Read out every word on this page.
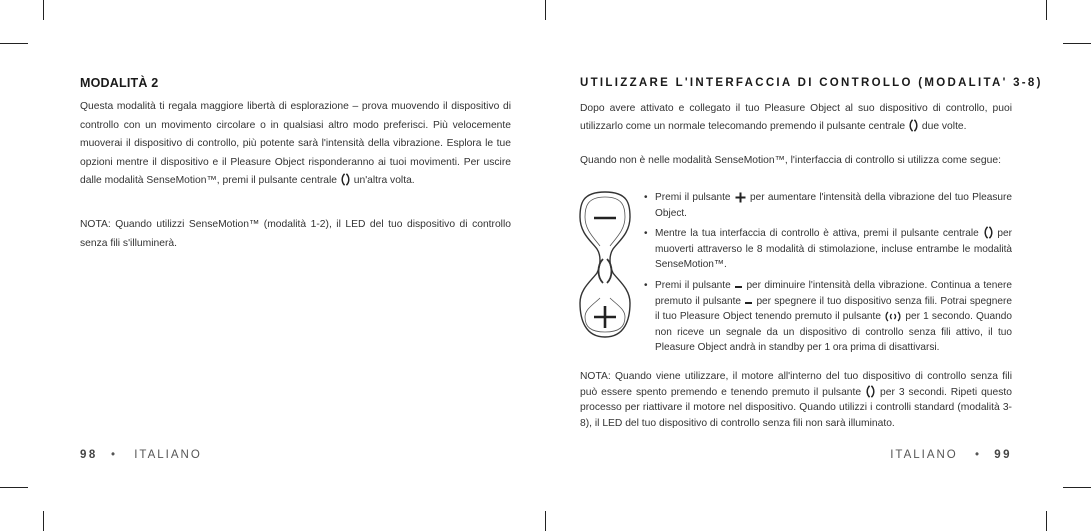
MODALITÀ 2

Questa modalità ti regala maggiore libertà di esplorazione – prova muovendo il dispositivo di controllo con un movimento circolare o in qualsiasi altro modo preferisci. Più velocemente muoverai il dispositivo di controllo, più potente sarà l'intensità della vibrazione. Esplora le tue opzioni mentre il dispositivo e il Pleasure Object risponderanno ai tuoi movimenti. Per uscire dalle modalità SenseMotion™, premi il pulsante centrale un'altra volta.

NOTA: Quando utilizzi SenseMotion™ (modalità 1-2), il LED del tuo dispositivo di controllo senza fili s'illuminerà.

98 • ITALIANO
UTILIZZARE L'INTERFACCIA DI CONTROLLO (MODALITA' 3-8)

Dopo avere attivato e collegato il tuo Pleasure Object al suo dispositivo di controllo, puoi utilizzarlo come un normale telecomando premendo il pulsante centrale due volte.

Quando non è nelle modalità SenseMotion™, l'interfaccia di controllo si utilizza come segue:

• Premi il pulsante per aumentare l'intensità della vibrazione del tuo Pleasure Object.
• Mentre la tua interfaccia di controllo è attiva, premi il pulsante centrale per muoverti attraverso le 8 modalità di stimolazione, incluse entrambe le modalità SenseMotion™.
• Premi il pulsante per diminuire l'intensità della vibrazione. Continua a tenere premuto il pulsante per spegnere il tuo dispositivo senza fili. Potrai spegnere il tuo Pleasure Object tenendo premuto il pulsante per 1 secondo. Quando non riceve un segnale da un dispositivo di controllo senza fili attivo, il tuo Pleasure Object andrà in standby per 1 ora prima di disattivarsi.

NOTA: Quando viene utilizzare, il motore all'interno del tuo dispositivo di controllo senza fili può essere spento premendo e tenendo premuto il pulsante per 3 secondi. Ripeti questo processo per riattivare il motore nel dispositivo. Quando utilizzi i controlli standard (modalità 3-8), il LED del tuo dispositivo di controllo senza fili non sarà illuminato.

ITALIANO • 99
